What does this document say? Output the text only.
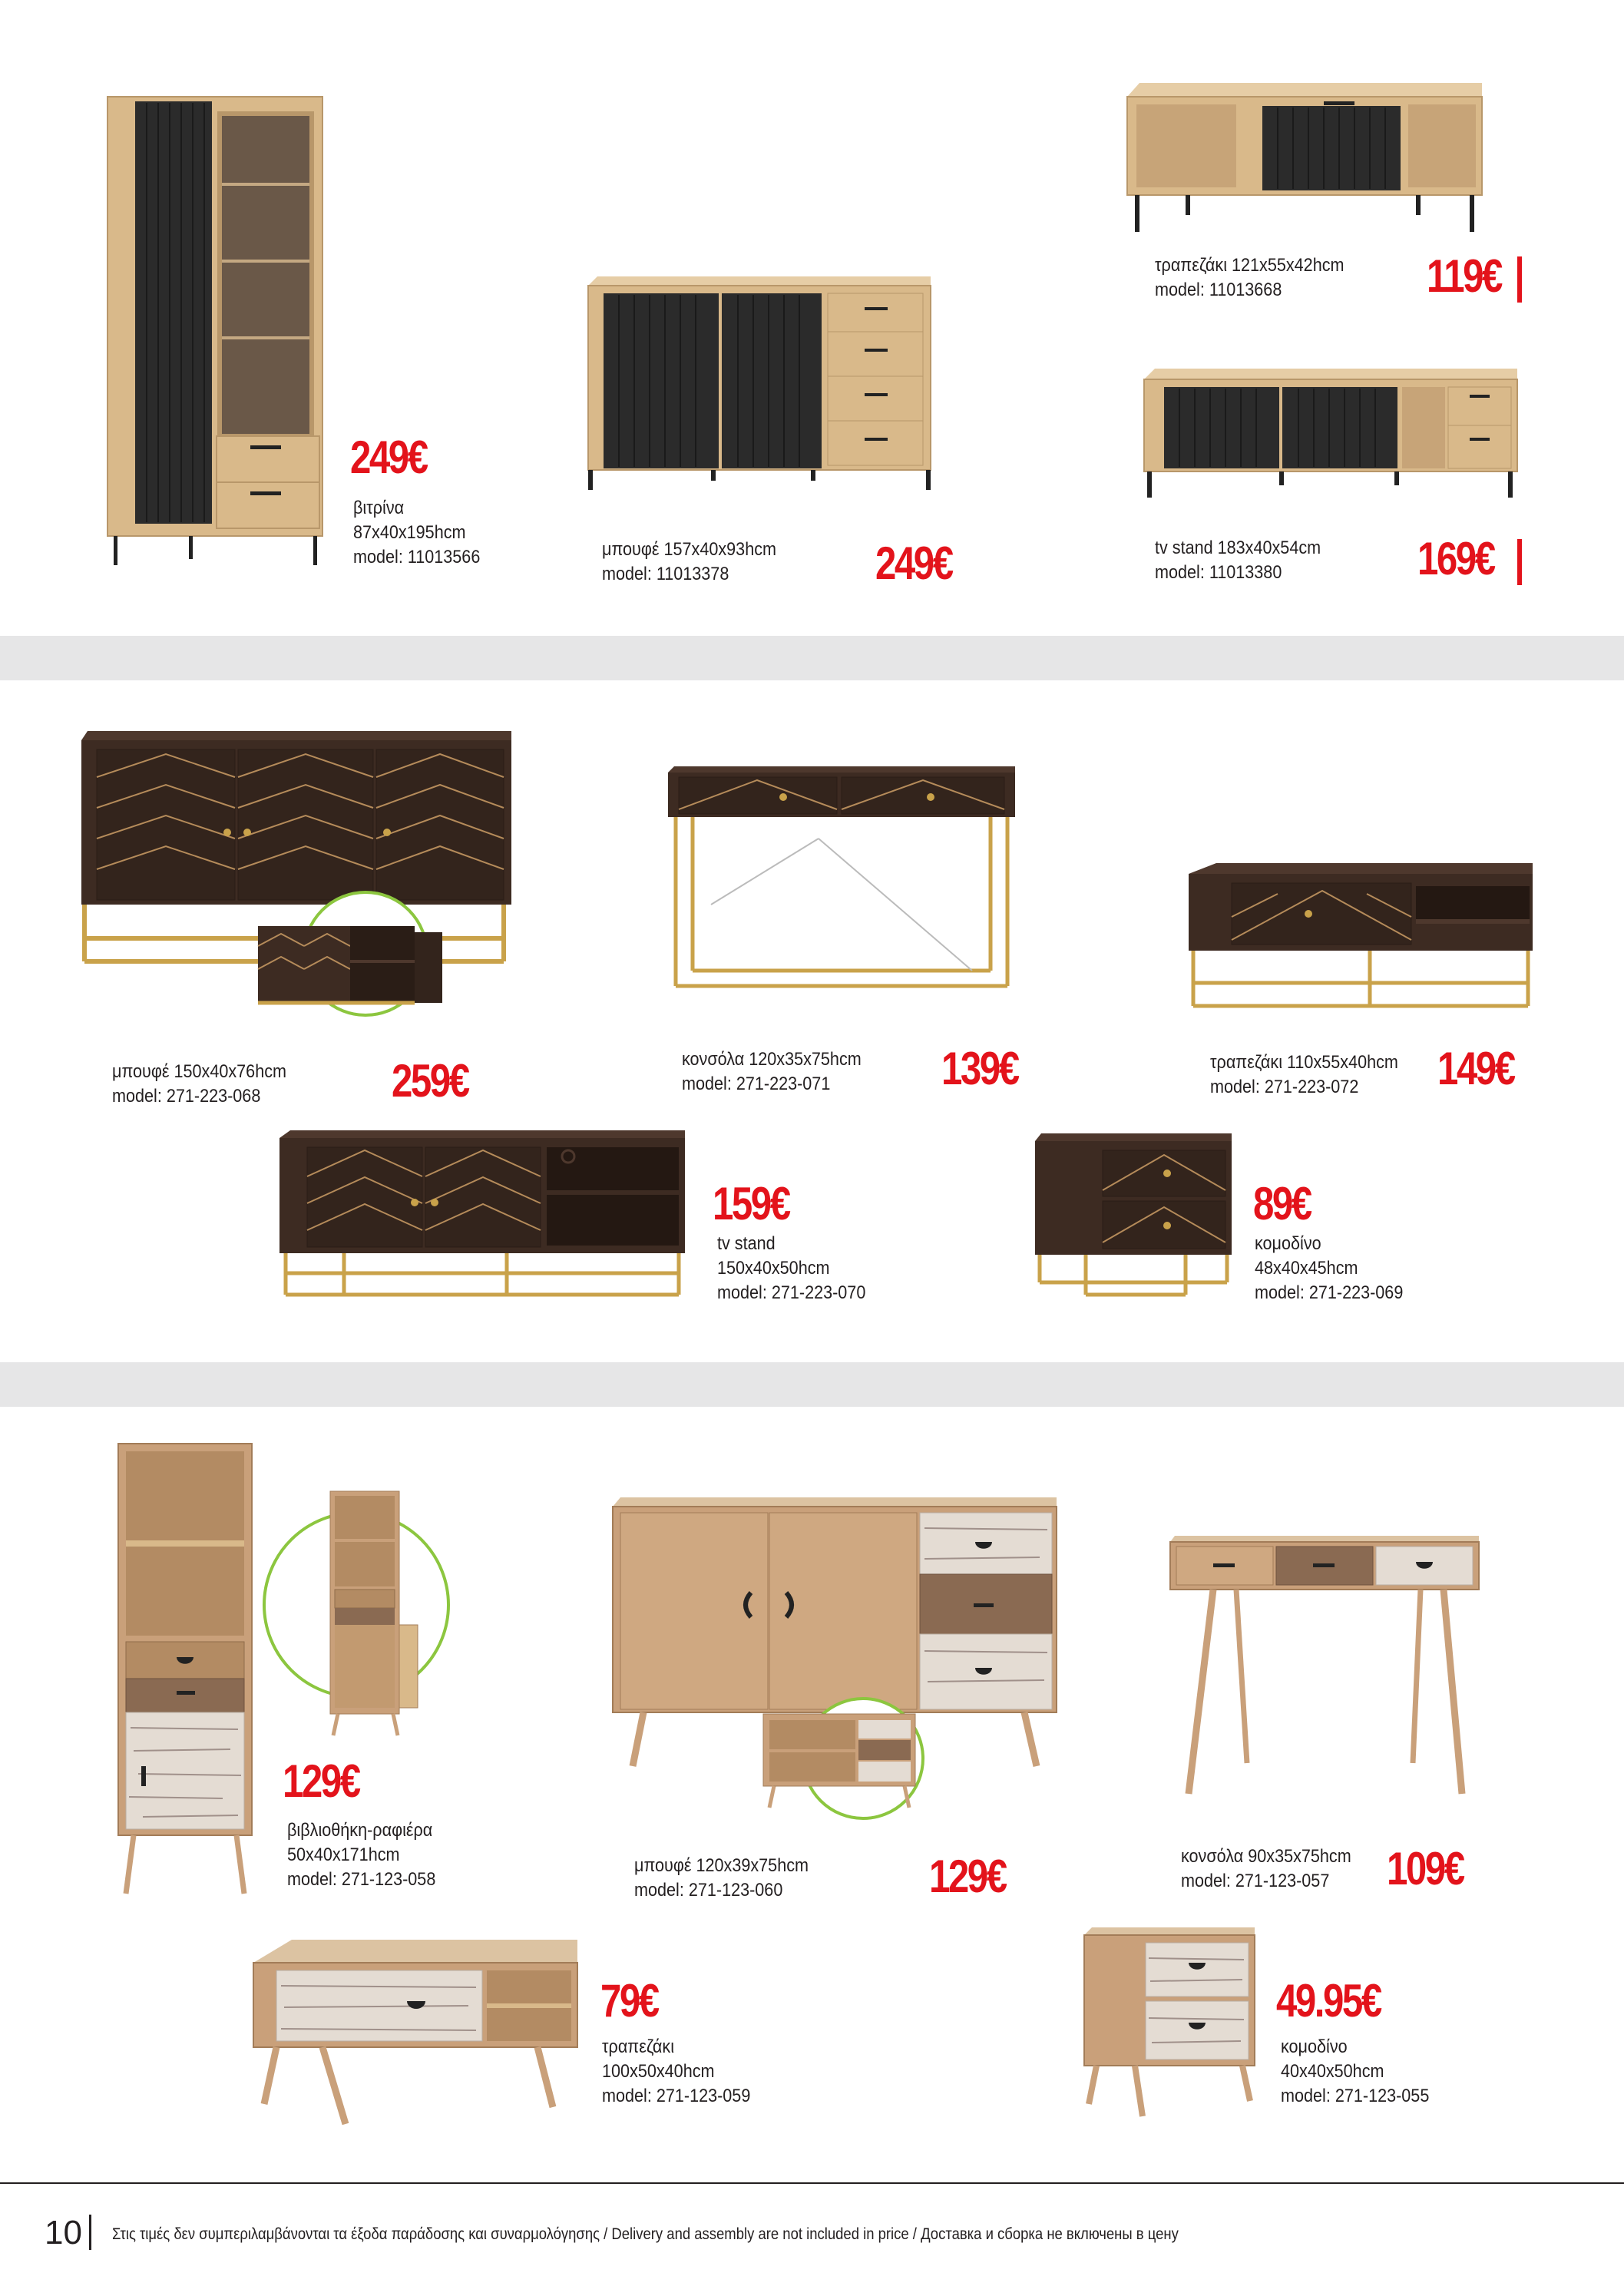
249€
βιτρίνα
87x40x195hcm
model: 11013566	μπουφέ 157x40x93hcm
model: 11013378	249€
τραπεζάκι 121x55x42hcm
model: 11013668	119€
tv stand 183x40x54cm
model: 11013380	169€
μπουφέ 150x40x76hcm
model: 271-223-068	259€	κονσόλα 120x35x75hcm
model: 271-223-071	139€	τραπεζάκι 110x55x40hcm
model: 271-223-072	149€
159€
tv stand
150x40x50hcm
model: 271-223-070
89€
κομοδίνο
48x40x45hcm
model: 271-223-069
129€
βιβλιοθήκη-ραφιέρα
50x40x171hcm
model: 271-123-058
μπουφέ 120x39x75hcm
model: 271-123-060	129€	κονσόλα 90x35x75hcm
model: 271-123-057	109€
79€
τραπεζάκι
100x50x40hcm
model: 271-123-059
49.95€
κομοδίνο
40x40x50hcm
model: 271-123-055
10 Στις τιμές δεν συμπεριλαμβάνονται τα έξοδα παράδοσης και συναρμολόγησης / Delivery and assembly are not included in price / Доставка и сборка не включены в цену
